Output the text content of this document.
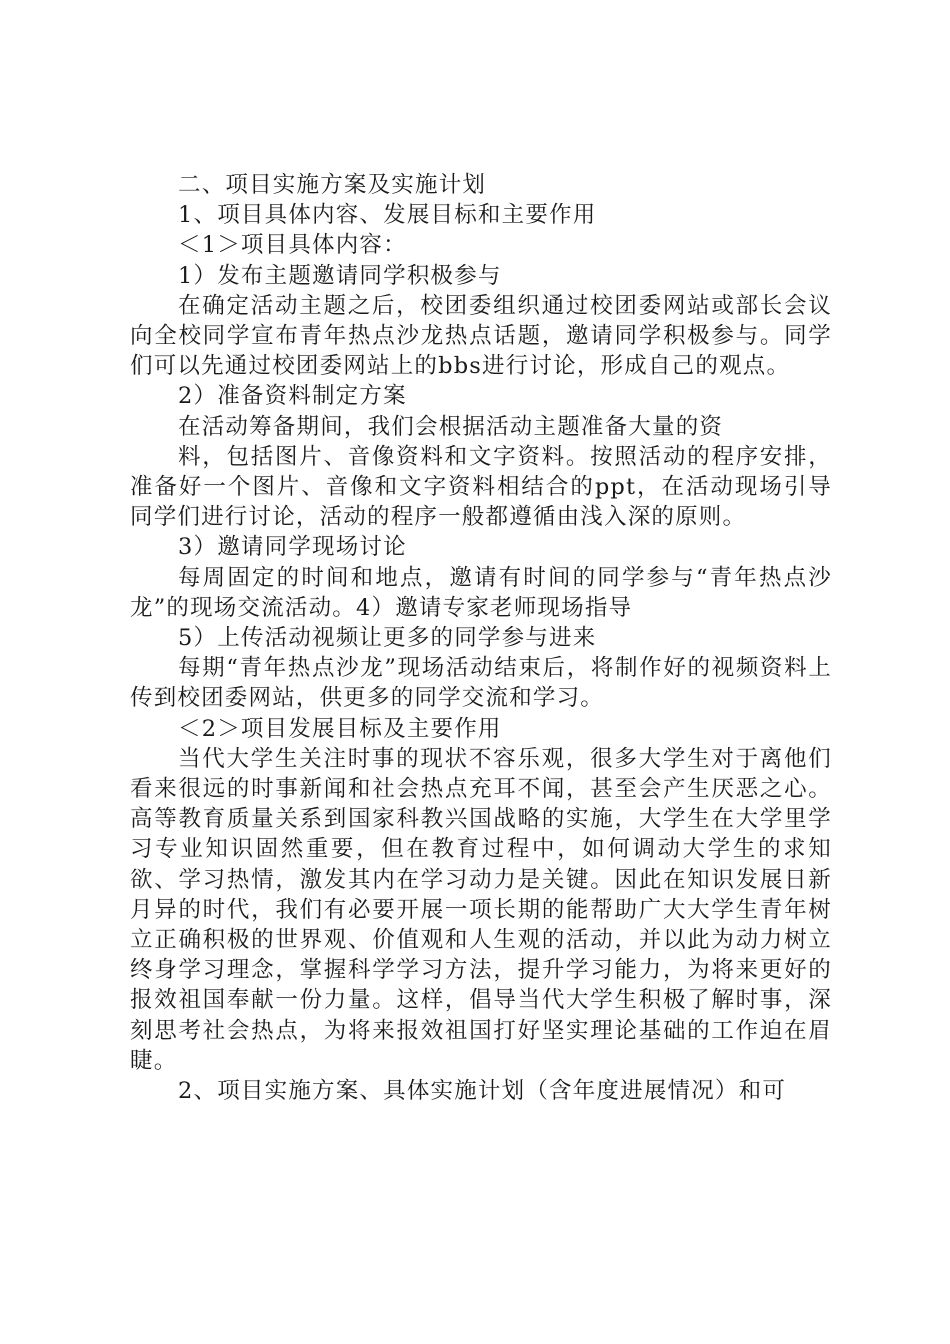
二、项目实施方案及实施计划

1、项目具体内容、发展目标和主要作用

＜1＞项目具体内容：

1）发布主题邀请同学积极参与

在确定活动主题之后，校团委组织通过校团委网站或部长会议向全校同学宣布青年热点沙龙热点话题，邀请同学积极参与。同学们可以先通过校团委网站上的bbs进行讨论，形成自己的观点。

2）准备资料制定方案

在活动筹备期间，我们会根据活动主题准备大量的资

料，包括图片、音像资料和文字资料。按照活动的程序安排，准备好一个图片、音像和文字资料相结合的ppt，在活动现场引导同学们进行讨论，活动的程序一般都遵循由浅入深的原则。

3）邀请同学现场讨论

每周固定的时间和地点，邀请有时间的同学参与“青年热点沙龙”的现场交流活动。4）邀请专家老师现场指导

5）上传活动视频让更多的同学参与进来

每期“青年热点沙龙”现场活动结束后，将制作好的视频资料上传到校团委网站，供更多的同学交流和学习。

＜2＞项目发展目标及主要作用

当代大学生关注时事的现状不容乐观，很多大学生对于离他们看来很远的时事新闻和社会热点充耳不闻，甚至会产生厌恶之心。高等教育质量关系到国家科教兴国战略的实施，大学生在大学里学习专业知识固然重要，但在教育过程中，如何调动大学生的求知欲、学习热情，激发其内在学习动力是关键。因此在知识发展日新月异的时代，我们有必要开展一项长期的能帮助广大大学生青年树立正确积极的世界观、价值观和人生观的活动，并以此为动力树立终身学习理念，掌握科学学习方法，提升学习能力，为将来更好的报效祖国奉献一份力量。这样，倡导当代大学生积极了解时事，深刻思考社会热点，为将来报效祖国打好坚实理论基础的工作迫在眉睫。

2、项目实施方案、具体实施计划（含年度进展情况）和可
